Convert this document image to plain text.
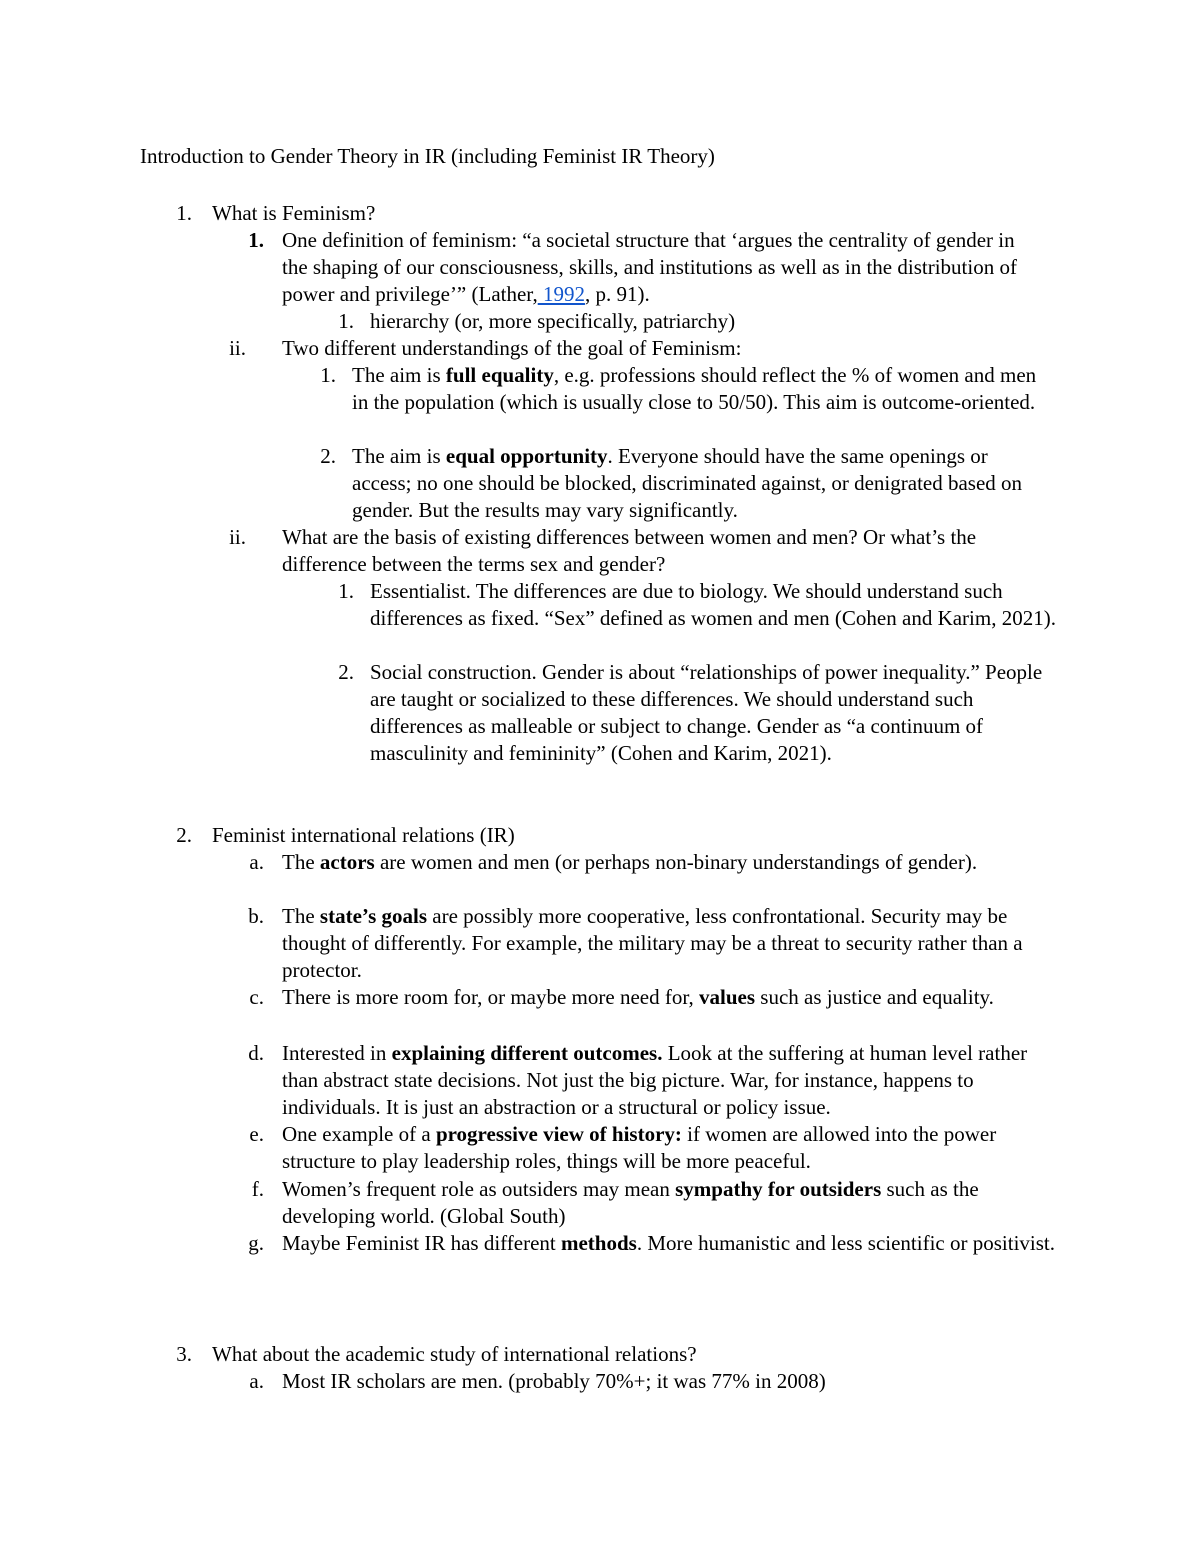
Introduction to Gender Theory in IR (including Feminist IR Theory)
1. What is Feminism?
1. One definition of feminism: “a societal structure that ‘argues the centrality of gender in the shaping of our consciousness, skills, and institutions as well as in the distribution of power and privilege’” (Lather, 1992, p. 91).
1. hierarchy (or, more specifically, patriarchy)
ii. Two different understandings of the goal of Feminism:
1. The aim is full equality, e.g. professions should reflect the % of women and men in the population (which is usually close to 50/50). This aim is outcome-oriented.
2. The aim is equal opportunity. Everyone should have the same openings or access; no one should be blocked, discriminated against, or denigrated based on gender. But the results may vary significantly.
ii. What are the basis of existing differences between women and men? Or what’s the difference between the terms sex and gender?
1. Essentialist. The differences are due to biology. We should understand such differences as fixed. “Sex” defined as women and men (Cohen and Karim, 2021).
2. Social construction. Gender is about “relationships of power inequality.” People are taught or socialized to these differences. We should understand such differences as malleable or subject to change. Gender as “a continuum of masculinity and femininity” (Cohen and Karim, 2021).
2. Feminist international relations (IR)
a. The actors are women and men (or perhaps non-binary understandings of gender).
b. The state’s goals are possibly more cooperative, less confrontational. Security may be thought of differently. For example, the military may be a threat to security rather than a protector.
c. There is more room for, or maybe more need for, values such as justice and equality.
d. Interested in explaining different outcomes. Look at the suffering at human level rather than abstract state decisions. Not just the big picture. War, for instance, happens to individuals. It is just an abstraction or a structural or policy issue.
e. One example of a progressive view of history: if women are allowed into the power structure to play leadership roles, things will be more peaceful.
f. Women’s frequent role as outsiders may mean sympathy for outsiders such as the developing world. (Global South)
g. Maybe Feminist IR has different methods. More humanistic and less scientific or positivist.
3. What about the academic study of international relations?
a. Most IR scholars are men. (probably 70%+; it was 77% in 2008)
